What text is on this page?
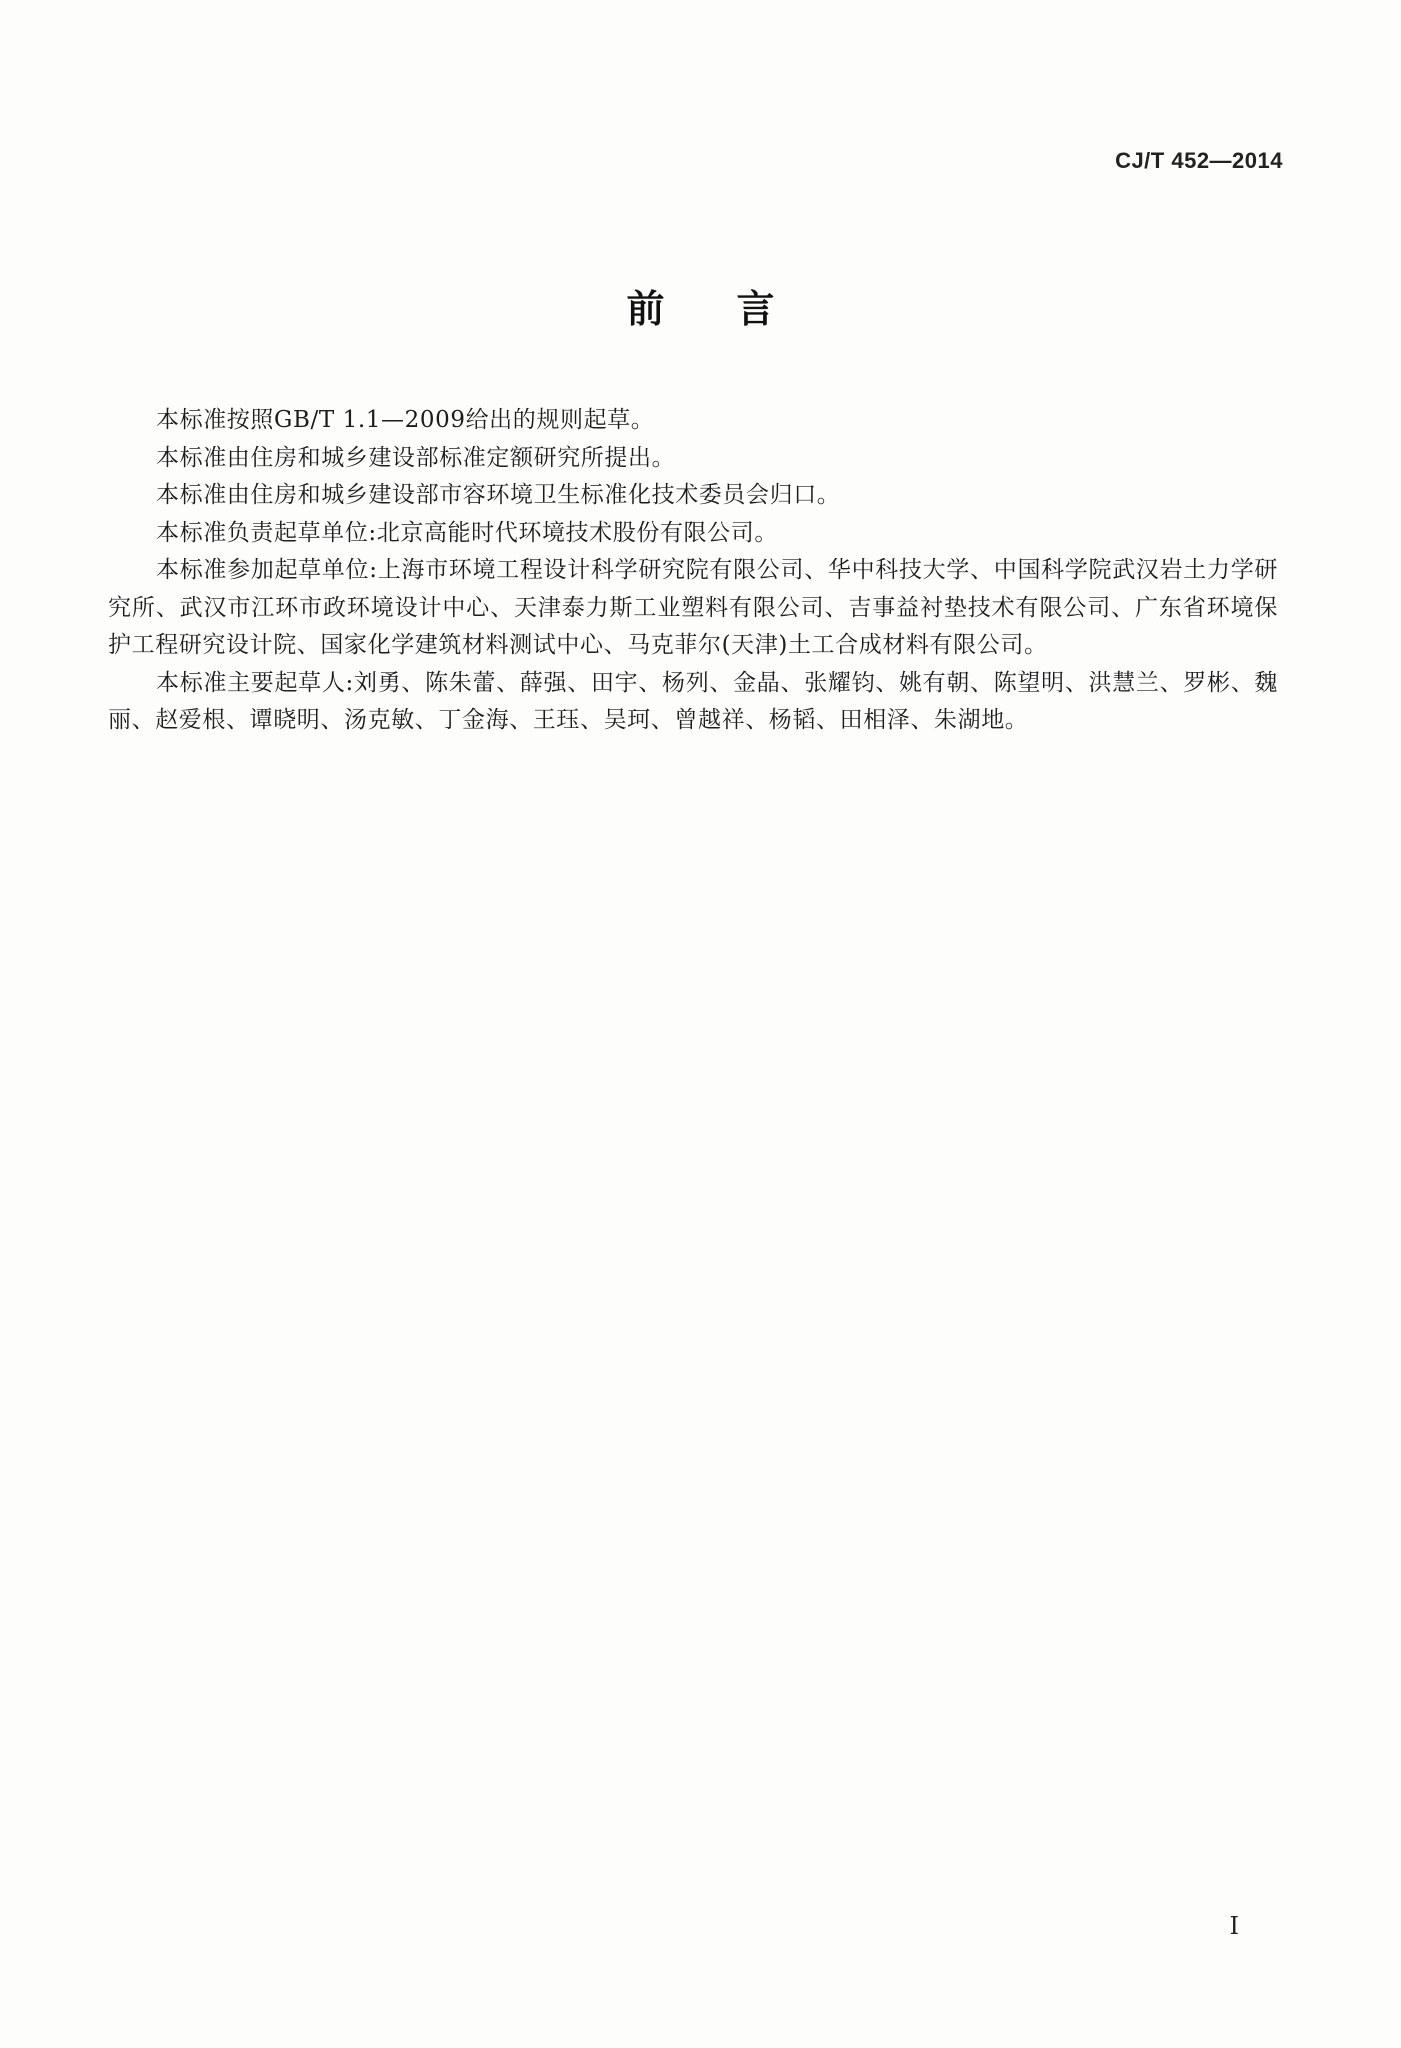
CJ/T 452—2014
前言

本标准按照GB/T 1.1—2009给出的规则起草。

本标准由住房和城乡建设部标准定额研究所提出。

本标准由住房和城乡建设部市容环境卫生标准化技术委员会归口。

本标准负责起草单位:北京高能时代环境技术股份有限公司。

本标准参加起草单位:上海市环境工程设计科学研究院有限公司、华中科技大学、中国科学院武汉岩土力学研究所、武汉市江环市政环境设计中心、天津泰力斯工业塑料有限公司、吉事益衬垫技术有限公司、广东省环境保护工程研究设计院、国家化学建筑材料测试中心、马克菲尔(天津)土工合成材料有限公司。

本标准主要起草人:刘勇、陈朱蕾、薛强、田宇、杨列、金晶、张耀钧、姚有朝、陈望明、洪慧兰、罗彬、魏丽、赵爱根、谭晓明、汤克敏、丁金海、王珏、吴珂、曾越祥、杨韬、田相泽、朱湖地。

I
